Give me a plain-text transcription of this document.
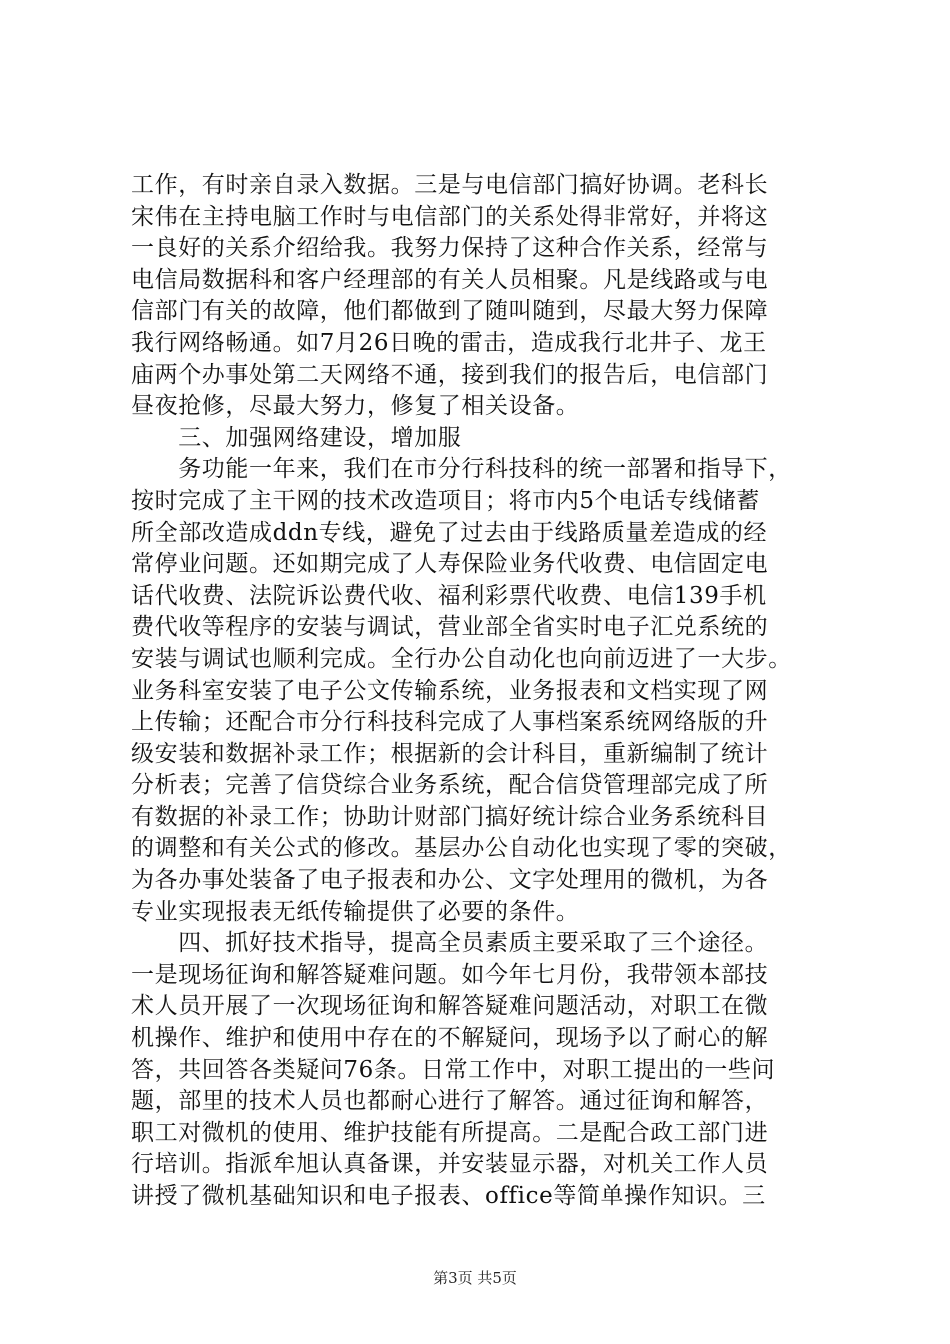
工作，有时亲自录入数据。三是与电信部门搞好协调。老科长
宋伟在主持电脑工作时与电信部门的关系处得非常好，并将这
一良好的关系介绍给我。我努力保持了这种合作关系，经常与
电信局数据科和客户经理部的有关人员相聚。凡是线路或与电
信部门有关的故障，他们都做到了随叫随到，尽最大努力保障
我行网络畅通。如7月26日晚的雷击，造成我行北井子、龙王
庙两个办事处第二天网络不通，接到我们的报告后，电信部门
昼夜抢修，尽最大努力，修复了相关设备。
　　三、加强网络建设，增加服
　　务功能一年来，我们在市分行科技科的统一部署和指导下，
按时完成了主干网的技术改造项目；将市内5个电话专线储蓄
所全部改造成ddn专线，避免了过去由于线路质量差造成的经
常停业问题。还如期完成了人寿保险业务代收费、电信固定电
话代收费、法院诉讼费代收、福利彩票代收费、电信139手机
费代收等程序的安装与调试，营业部全省实时电子汇兑系统的
安装与调试也顺利完成。全行办公自动化也向前迈进了一大步。
业务科室安装了电子公文传输系统，业务报表和文档实现了网
上传输；还配合市分行科技科完成了人事档案系统网络版的升
级安装和数据补录工作；根据新的会计科目，重新编制了统计
分析表；完善了信贷综合业务系统，配合信贷管理部完成了所
有数据的补录工作；协助计财部门搞好统计综合业务系统科目
的调整和有关公式的修改。基层办公自动化也实现了零的突破，
为各办事处装备了电子报表和办公、文字处理用的微机，为各
专业实现报表无纸传输提供了必要的条件。
　　四、抓好技术指导，提高全员素质主要采取了三个途径。
一是现场征询和解答疑难问题。如今年七月份，我带领本部技
术人员开展了一次现场征询和解答疑难问题活动，对职工在微
机操作、维护和使用中存在的不解疑问，现场予以了耐心的解
答，共回答各类疑问76条。日常工作中，对职工提出的一些问
题，部里的技术人员也都耐心进行了解答。通过征询和解答，
职工对微机的使用、维护技能有所提高。二是配合政工部门进
行培训。指派牟旭认真备课，并安装显示器，对机关工作人员
讲授了微机基础知识和电子报表、office等简单操作知识。三
第3页 共5页
